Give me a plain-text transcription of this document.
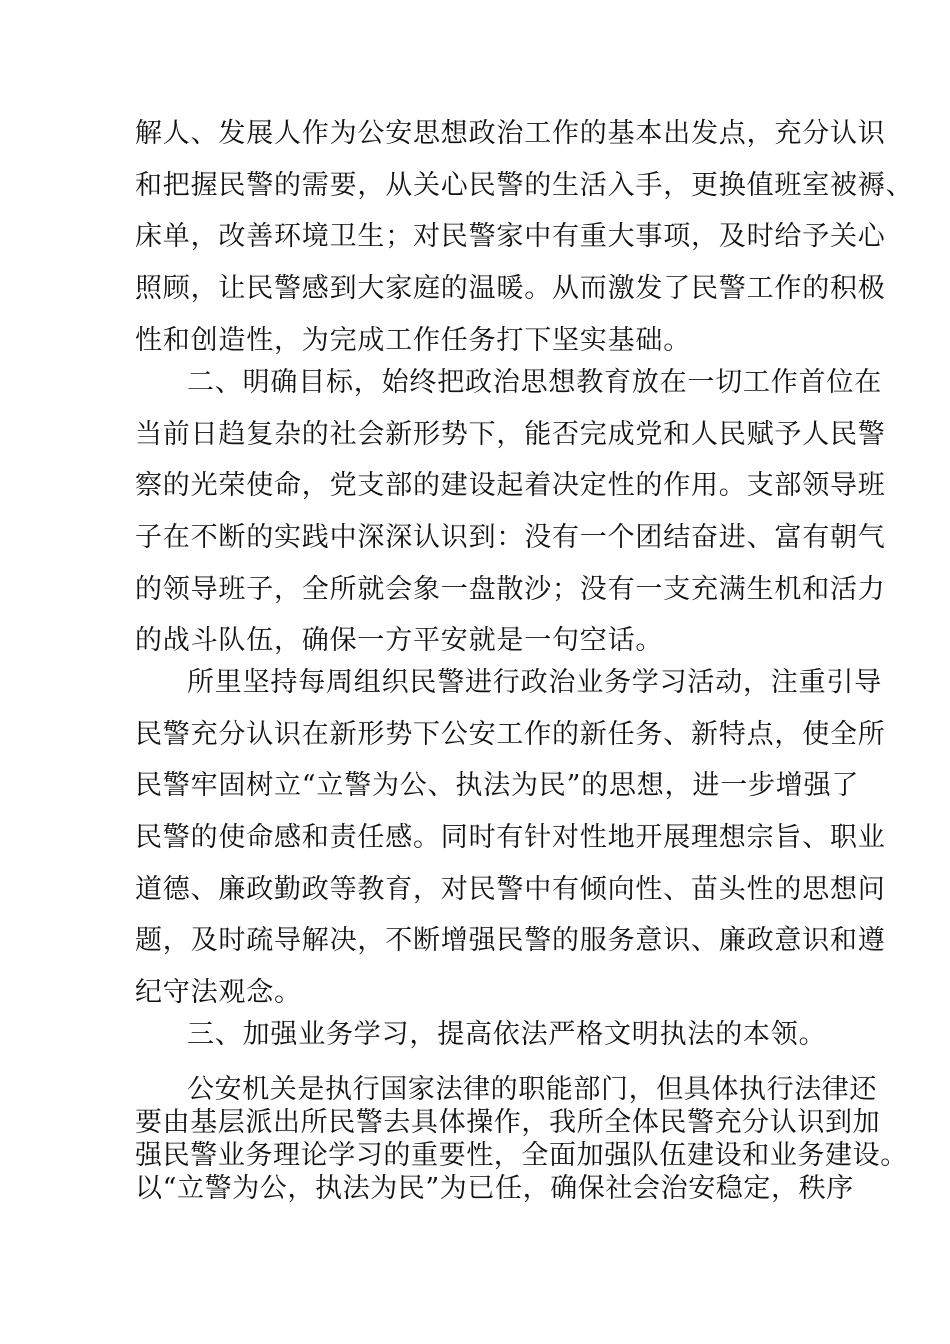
解人、发展人作为公安思想政治工作的基本出发点，充分认识
和把握民警的需要，从关心民警的生活入手，更换值班室被褥、
床单，改善环境卫生；对民警家中有重大事项，及时给予关心
照顾，让民警感到大家庭的温暖。从而激发了民警工作的积极
性和创造性，为完成工作任务打下坚实基础。
二、明确目标，始终把政治思想教育放在一切工作首位在
当前日趋复杂的社会新形势下，能否完成党和人民赋予人民警
察的光荣使命，党支部的建设起着决定性的作用。支部领导班
子在不断的实践中深深认识到：没有一个团结奋进、富有朝气
的领导班子，全所就会象一盘散沙；没有一支充满生机和活力
的战斗队伍，确保一方平安就是一句空话。
所里坚持每周组织民警进行政治业务学习活动，注重引导
民警充分认识在新形势下公安工作的新任务、新特点，使全所
民警牢固树立“立警为公、执法为民”的思想，进一步增强了
民警的使命感和责任感。同时有针对性地开展理想宗旨、职业
道德、廉政勤政等教育，对民警中有倾向性、苗头性的思想问
题，及时疏导解决，不断增强民警的服务意识、廉政意识和遵
纪守法观念。
三、加强业务学习，提高依法严格文明执法的本领。
公安机关是执行国家法律的职能部门，但具体执行法律还
要由基层派出所民警去具体操作，我所全体民警充分认识到加
强民警业务理论学习的重要性，全面加强队伍建设和业务建设。
以“立警为公，执法为民”为已任，确保社会治安稳定，秩序
